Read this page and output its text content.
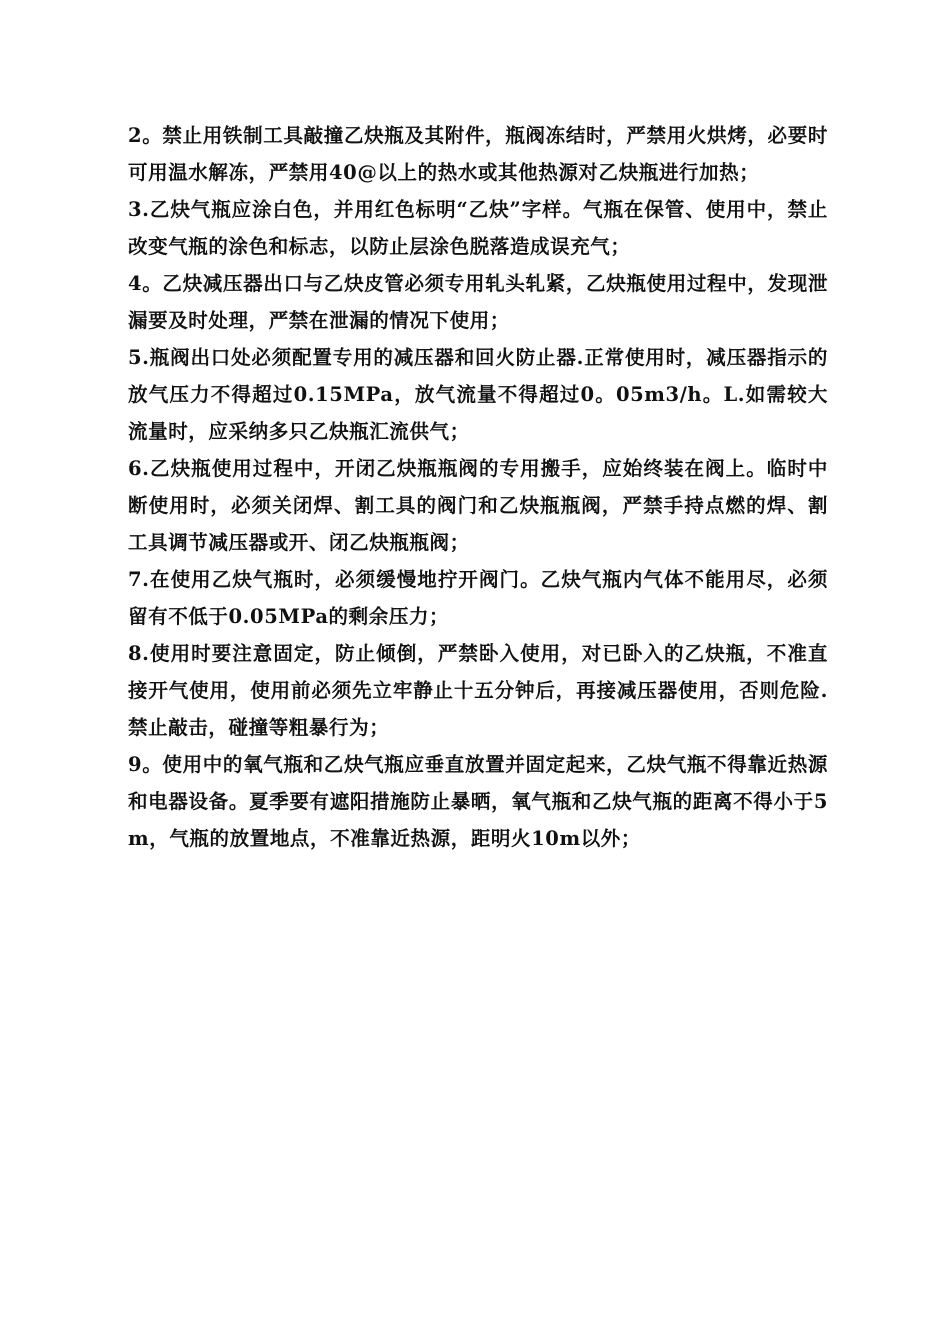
2。禁止用铁制工具敲撞乙炔瓶及其附件，瓶阀冻结时，严禁用火烘烤，必要时可用温水解冻，严禁用40@以上的热水或其他热源对乙炔瓶进行加热；

3.乙炔气瓶应涂白色，并用红色标明“乙炔”字样。气瓶在保管、使用中，禁止改变气瓶的涂色和标志，以防止层涂色脱落造成误充气；

4。乙炔减压器出口与乙炔皮管必须专用轧头轧紧，乙炔瓶使用过程中，发现泄漏要及时处理，严禁在泄漏的情况下使用；

5.瓶阀出口处必须配置专用的减压器和回火防止器.正常使用时，减压器指示的放气压力不得超过0.15MPa，放气流量不得超过0。05m3/h。L.如需较大流量时，应采纳多只乙炔瓶汇流供气；

6.乙炔瓶使用过程中，开闭乙炔瓶瓶阀的专用搬手，应始终装在阀上。临时中断使用时，必须关闭焊、割工具的阀门和乙炔瓶瓶阀，严禁手持点燃的焊、割工具调节减压器或开、闭乙炔瓶瓶阀；

7.在使用乙炔气瓶时，必须缓慢地拧开阀门。乙炔气瓶内气体不能用尽，必须留有不低于0.05MPa的剩余压力；

8.使用时要注意固定，防止倾倒，严禁卧入使用，对已卧入的乙炔瓶，不准直接开气使用，使用前必须先立牢静止十五分钟后，再接减压器使用，否则危险.禁止敲击，碰撞等粗暴行为；

9。使用中的氧气瓶和乙炔气瓶应垂直放置并固定起来，乙炔气瓶不得靠近热源和电器设备。夏季要有遮阳措施防止暴晒，氧气瓶和乙炔气瓶的距离不得小于5m，气瓶的放置地点，不准靠近热源，距明火10m以外；
